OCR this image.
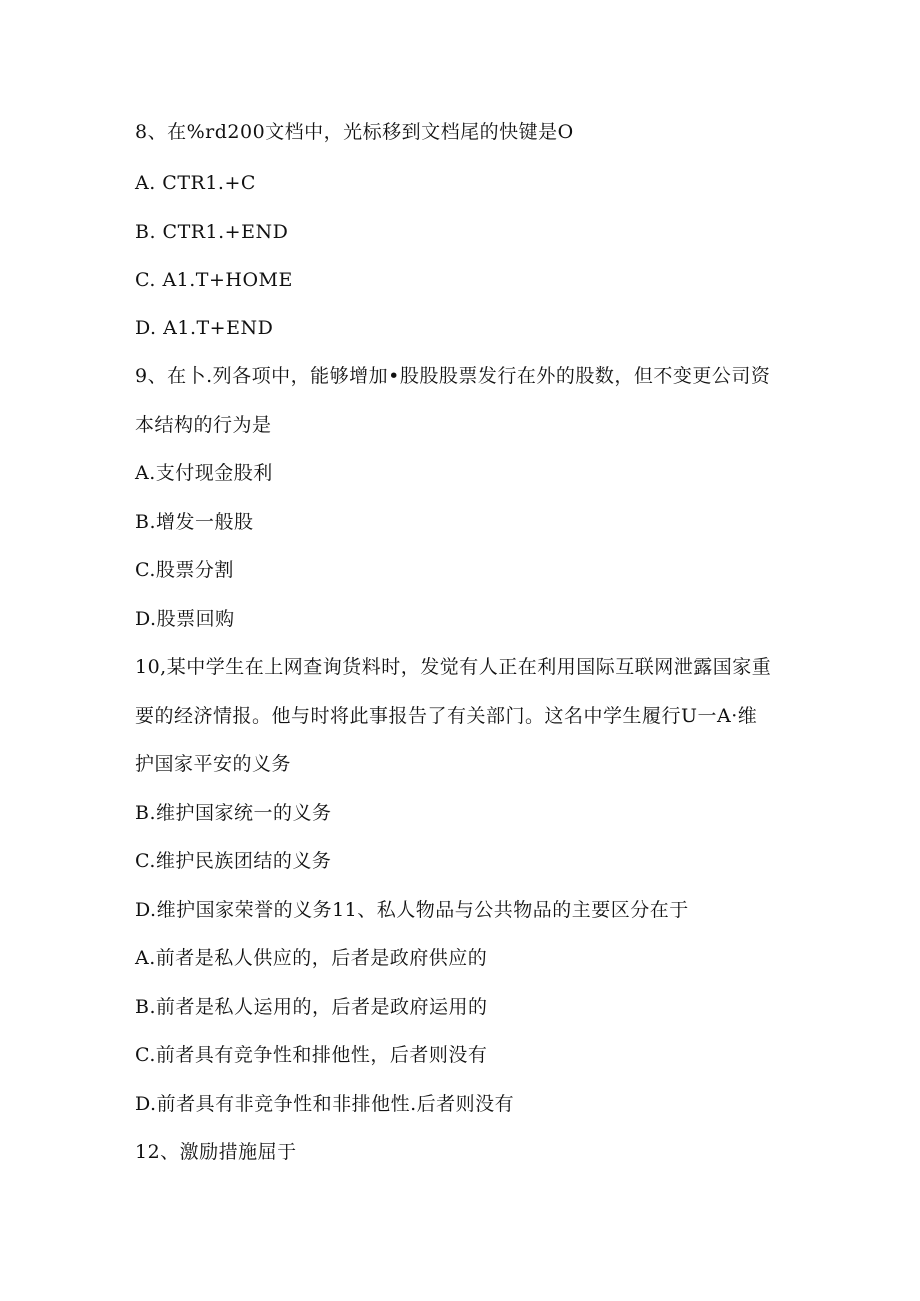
8、在%rd200文档中，光标移到文档尾的快键是O
A. CTR1.+C
B. CTR1.+END
C. A1.T+HOME
D. A1.T+END
9、在卜.列各项中，能够增加•股股股票发行在外的股数，但不变更公司资
本结构的行为是
A.支付现金股利
B.增发一般股
C.股票分割
D.股票回购
10,某中学生在上网查询货料时，发觉有人正在利用国际互联网泄露国家重
要的经济情报。他与时将此事报告了有关部门。这名中学生履行U一A·维
护国家平安的义务
B.维护国家统一的义务
C.维护民族团结的义务
D.维护国家荣誉的义务11、私人物品与公共物品的主要区分在于
A.前者是私人供应的，后者是政府供应的
B.前者是私人运用的，后者是政府运用的
C.前者具有竞争性和排他性，后者则没有
D.前者具有非竞争性和非排他性.后者则没有
12、激励措施屈于
